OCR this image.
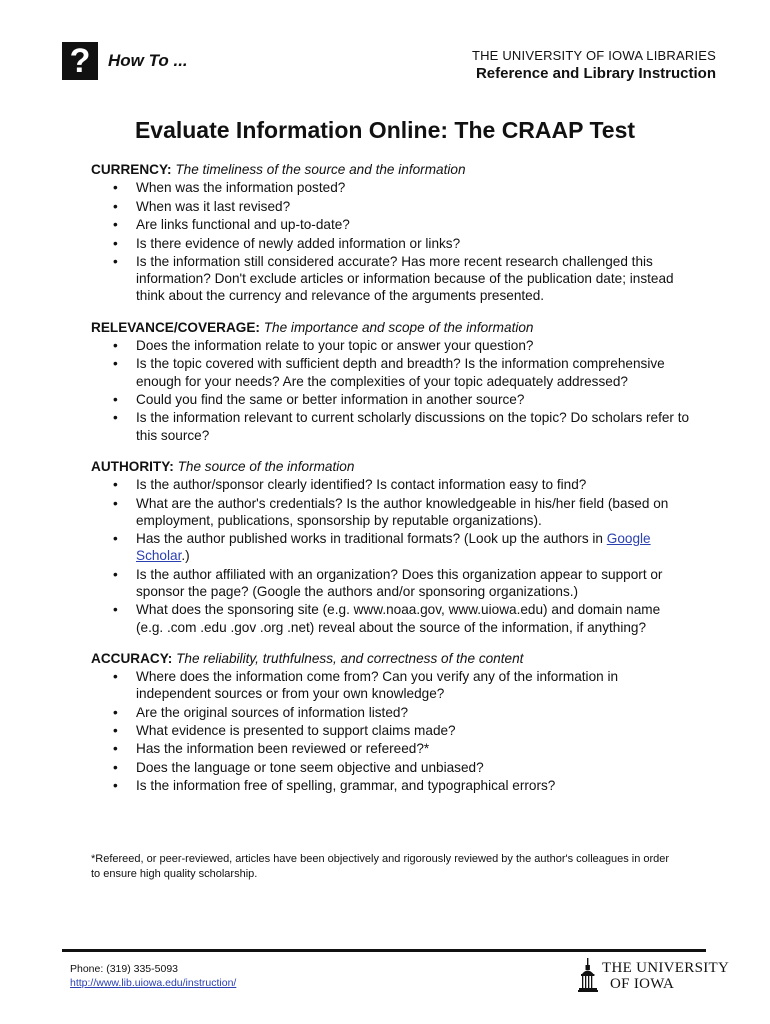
?	How To ...	THE UNIVERSITY OF IOWA LIBRARIES
Reference and Library Instruction
Evaluate Information Online: The CRAAP Test
CURRENCY: The timeliness of the source and the information
• When was the information posted?
• When was it last revised?
• Are links functional and up-to-date?
• Is there evidence of newly added information or links?
• Is the information still considered accurate? Has more recent research challenged this information? Don't exclude articles or information because of the publication date; instead think about the currency and relevance of the arguments presented.
RELEVANCE/COVERAGE: The importance and scope of the information
• Does the information relate to your topic or answer your question?
• Is the topic covered with sufficient depth and breadth? Is the information comprehensive enough for your needs? Are the complexities of your topic adequately addressed?
• Could you find the same or better information in another source?
• Is the information relevant to current scholarly discussions on the topic? Do scholars refer to this source?
AUTHORITY: The source of the information
• Is the author/sponsor clearly identified? Is contact information easy to find?
• What are the author's credentials? Is the author knowledgeable in his/her field (based on employment, publications, sponsorship by reputable organizations).
• Has the author published works in traditional formats? (Look up the authors in Google Scholar.)
• Is the author affiliated with an organization? Does this organization appear to support or sponsor the page? (Google the authors and/or sponsoring organizations.)
• What does the sponsoring site (e.g. www.noaa.gov, www.uiowa.edu) and domain name (e.g. .com .edu .gov .org .net) reveal about the source of the information, if anything?
ACCURACY: The reliability, truthfulness, and correctness of the content
• Where does the information come from? Can you verify any of the information in independent sources or from your own knowledge?
• Are the original sources of information listed?
• What evidence is presented to support claims made?
• Has the information been reviewed or refereed?*
• Does the language or tone seem objective and unbiased?
• Is the information free of spelling, grammar, and typographical errors?
*Refereed, or peer-reviewed, articles have been objectively and rigorously reviewed by the author's colleagues in order to ensure high quality scholarship.
Phone: (319) 335-5093
http://www.lib.uiowa.edu/instruction/
THE UNIVERSITY
OF IOWA
